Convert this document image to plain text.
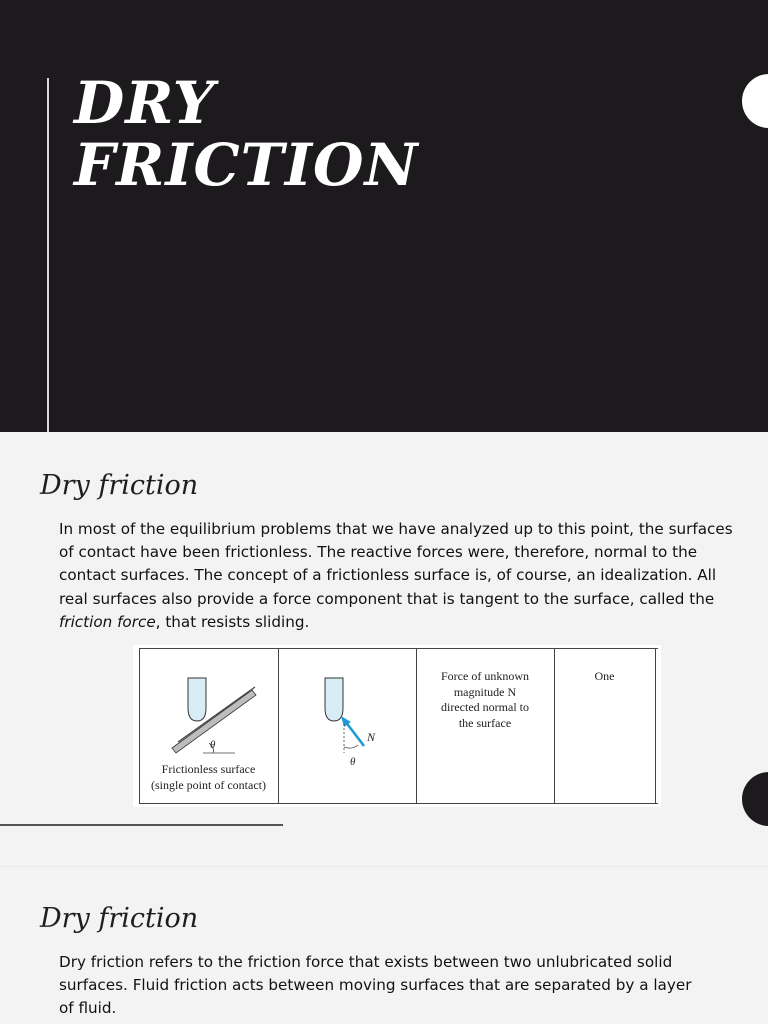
DRY
FRICTION
Dry friction

In most of the equilibrium problems that we have analyzed up to this point, the surfaces of contact have been frictionless. The reactive forces were, therefore, normal to the contact surfaces. The concept of a frictionless surface is, of course, an idealization. All real surfaces also provide a force component that is tangent to the surface, called the friction force, that resists sliding.

θ
Frictionless surface
(single point of contact)
N
θ
Force of unknown
magnitude N
directed normal to
the surface
One
Dry friction

Dry friction refers to the friction force that exists between two unlubricated solid surfaces. Fluid friction acts between moving surfaces that are separated by a layer of fluid.
